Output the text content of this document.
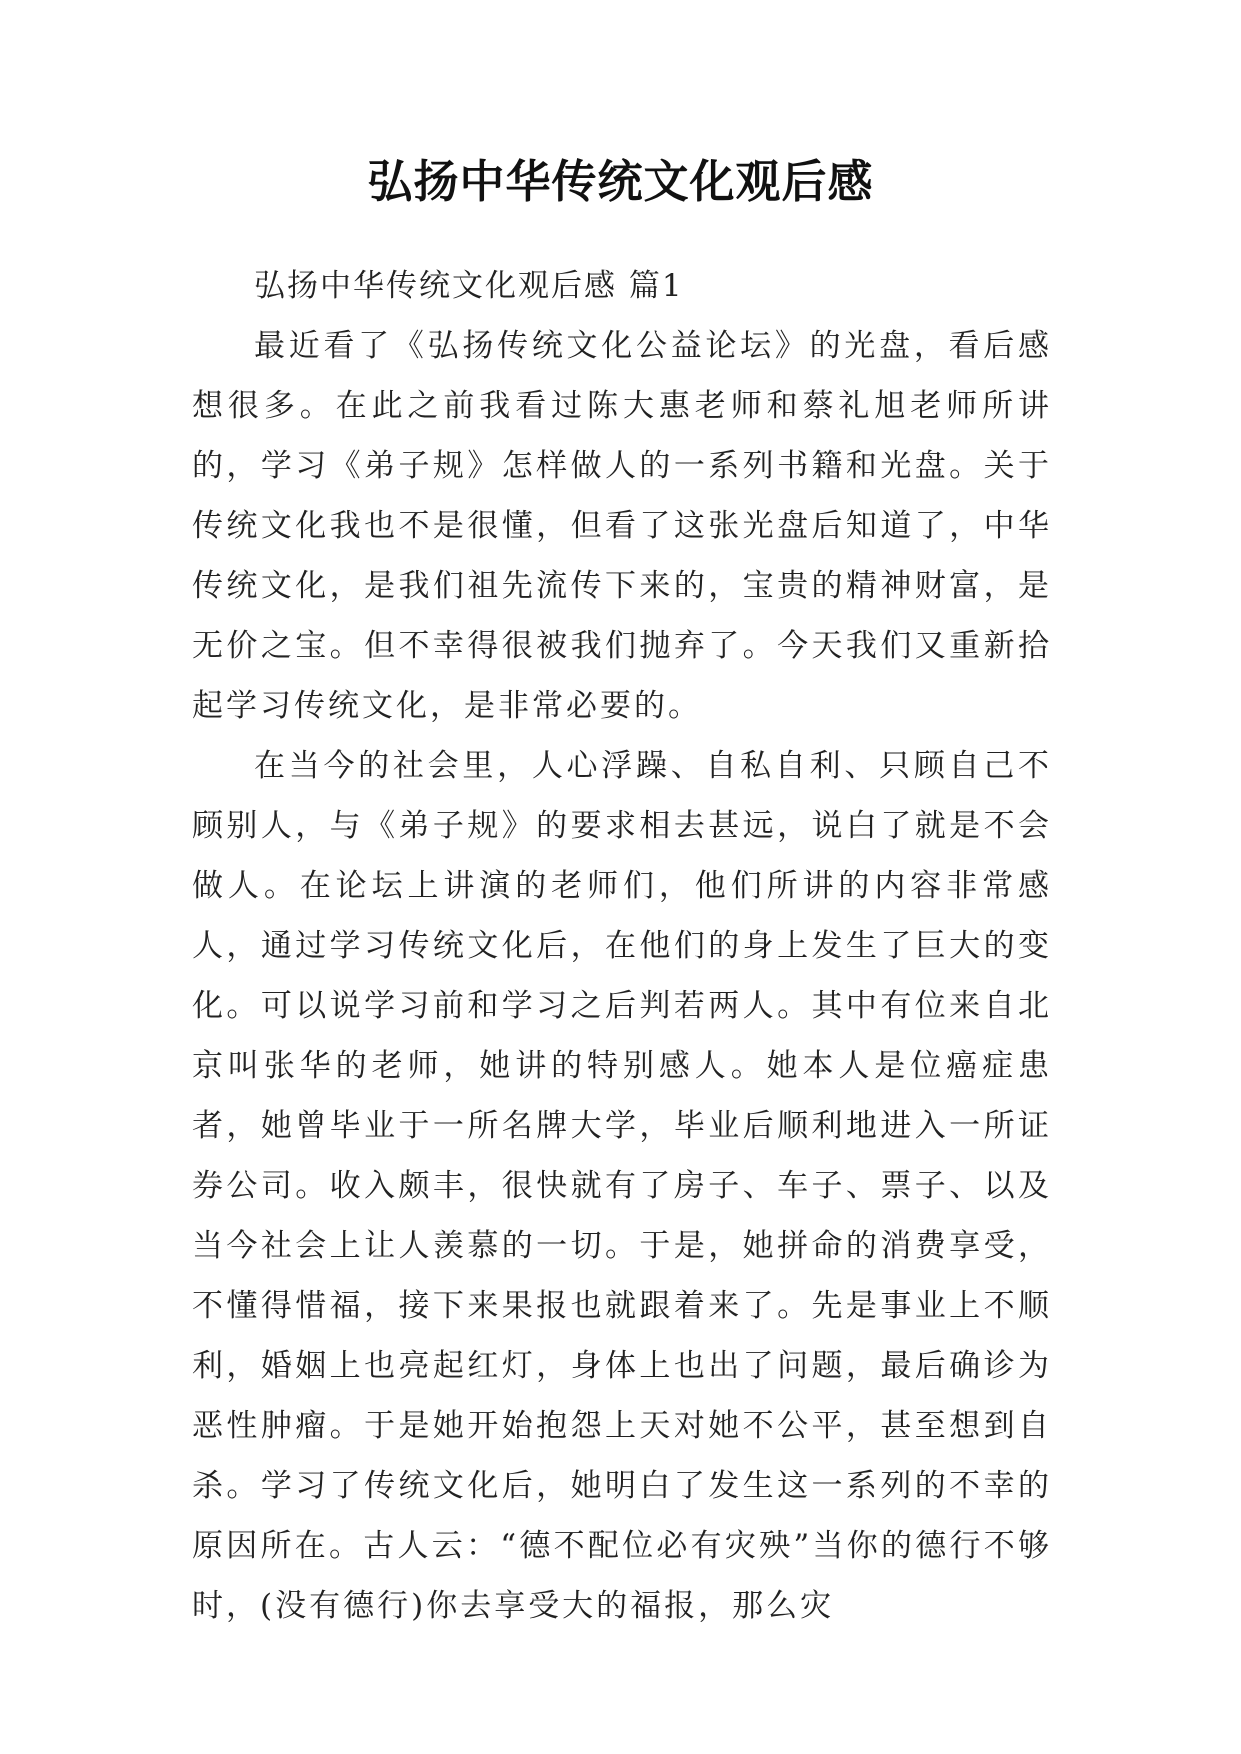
弘扬中华传统文化观后感

弘扬中华传统文化观后感 篇1

最近看了《弘扬传统文化公益论坛》的光盘，看后感想很多。在此之前我看过陈大惠老师和蔡礼旭老师所讲的，学习《弟子规》怎样做人的一系列书籍和光盘。关于传统文化我也不是很懂，但看了这张光盘后知道了，中华传统文化，是我们祖先流传下来的，宝贵的精神财富，是无价之宝。但不幸得很被我们抛弃了。今天我们又重新拾起学习传统文化，是非常必要的。

在当今的社会里，人心浮躁、自私自利、只顾自己不顾别人，与《弟子规》的要求相去甚远，说白了就是不会做人。在论坛上讲演的老师们，他们所讲的内容非常感人，通过学习传统文化后，在他们的身上发生了巨大的变化。可以说学习前和学习之后判若两人。其中有位来自北京叫张华的老师，她讲的特别感人。她本人是位癌症患者，她曾毕业于一所名牌大学，毕业后顺利地进入一所证券公司。收入颇丰，很快就有了房子、车子、票子、以及当今社会上让人羡慕的一切。于是，她拼命的消费享受，不懂得惜福，接下来果报也就跟着来了。先是事业上不顺利，婚姻上也亮起红灯，身体上也出了问题，最后确诊为恶性肿瘤。于是她开始抱怨上天对她不公平，甚至想到自杀。学习了传统文化后，她明白了发生这一系列的不幸的原因所在。古人云：“德不配位必有灾殃”当你的德行不够时，(没有德行)你去享受大的福报，那么灾
